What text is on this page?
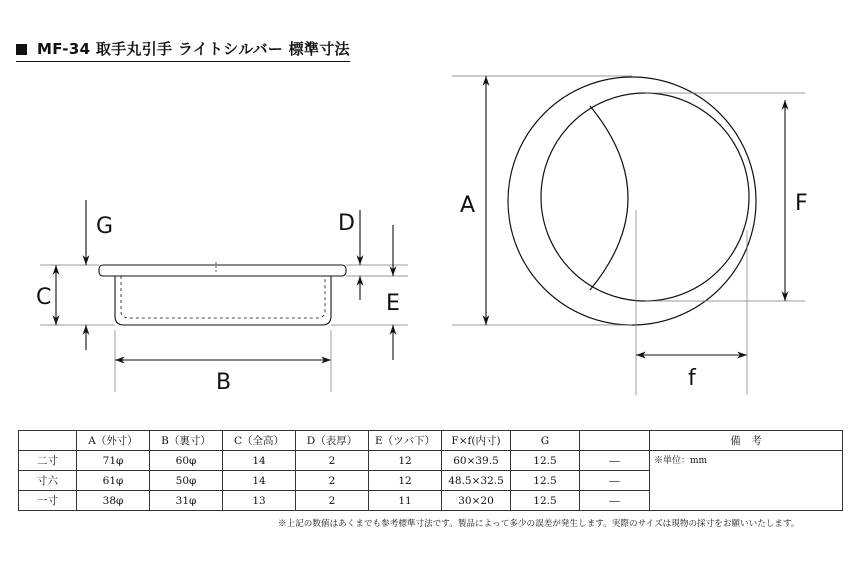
MF-34 取手丸引手 ライトシルバー 標準寸法
C
G	D
E
B
A	F
f
	A（外寸）	B（裏寸）	C（全高）	D（表厚）	E（ツバ下）	F×f(内寸)	G		備　考
二寸	71φ	60φ	14	2	12	60×39.5	12.5	―	※単位：mm
寸六	61φ	50φ	14	2	12	48.5×32.5	12.5	―	
一寸	38φ	31φ	13	2	11	30×20	12.5	―	
※上記の数値はあくまでも参考標準寸法です。製品によって多少の誤差が発生します。実際のサイズは現物の採寸をお願いいたします。
